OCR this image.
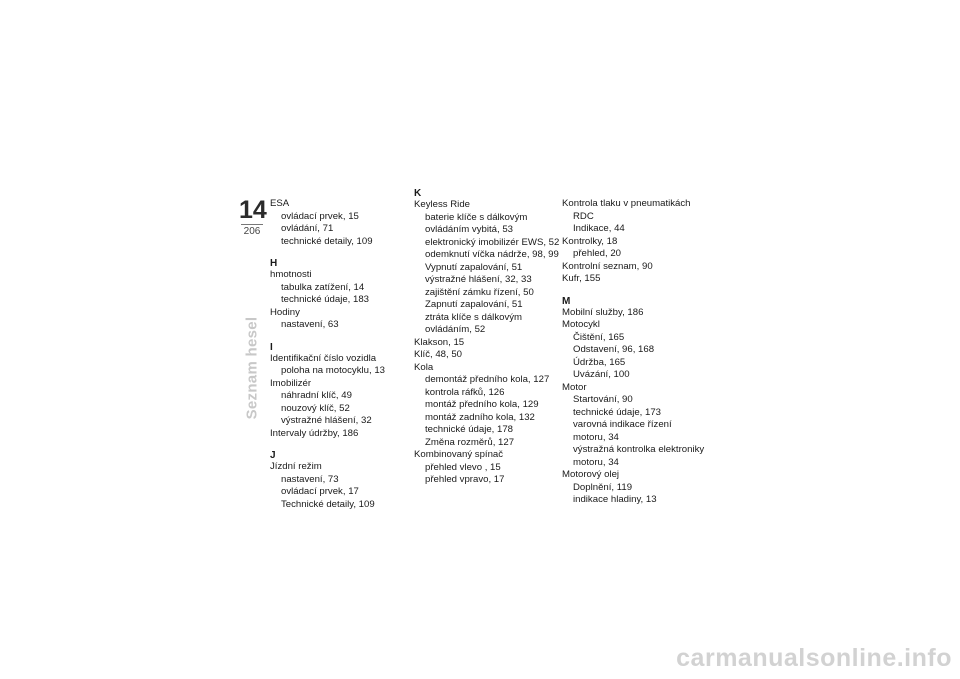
14
206
Seznam hesel
ESA
ovládací prvek, 15
ovládání, 71
technické detaily, 109
H
hmotnosti
tabulka zatížení, 14
technické údaje, 183
Hodiny
nastavení, 63
I
Identifikační číslo vozidla
poloha na motocyklu, 13
Imobilizér
náhradní klíč, 49
nouzový klíč, 52
výstražné hlášení, 32
Intervaly údržby, 186
J
Jízdní režim
nastavení, 73
ovládací prvek, 17
Technické detaily, 109
K
Keyless Ride
baterie klíče s dálkovým
ovládáním vybitá, 53
elektronický imobilizér EWS, 52
odemknutí víčka nádrže, 98, 99
Vypnutí zapalování, 51
výstražné hlášení, 32, 33
zajištění zámku řízení, 50
Zapnutí zapalování, 51
ztráta klíče s dálkovým
ovládáním, 52
Klakson, 15
Klíč, 48, 50
Kola
demontáž předního kola, 127
kontrola ráfků, 126
montáž předního kola, 129
montáž zadního kola, 132
technické údaje, 178
Změna rozměrů, 127
Kombinovaný spínač
přehled vlevo , 15
přehled vpravo, 17
Kontrola tlaku v pneumatikách
RDC
Indikace, 44
Kontrolky, 18
přehled, 20
Kontrolní seznam, 90
Kufr, 155
M
Mobilní služby, 186
Motocykl
Čištění, 165
Odstavení, 96, 168
Údržba, 165
Uvázání, 100
Motor
Startování, 90
technické údaje, 173
varovná indikace řízení
motoru, 34
výstražná kontrolka elektroniky
motoru, 34
Motorový olej
Doplnění, 119
indikace hladiny, 13
carmanualsonline.info
